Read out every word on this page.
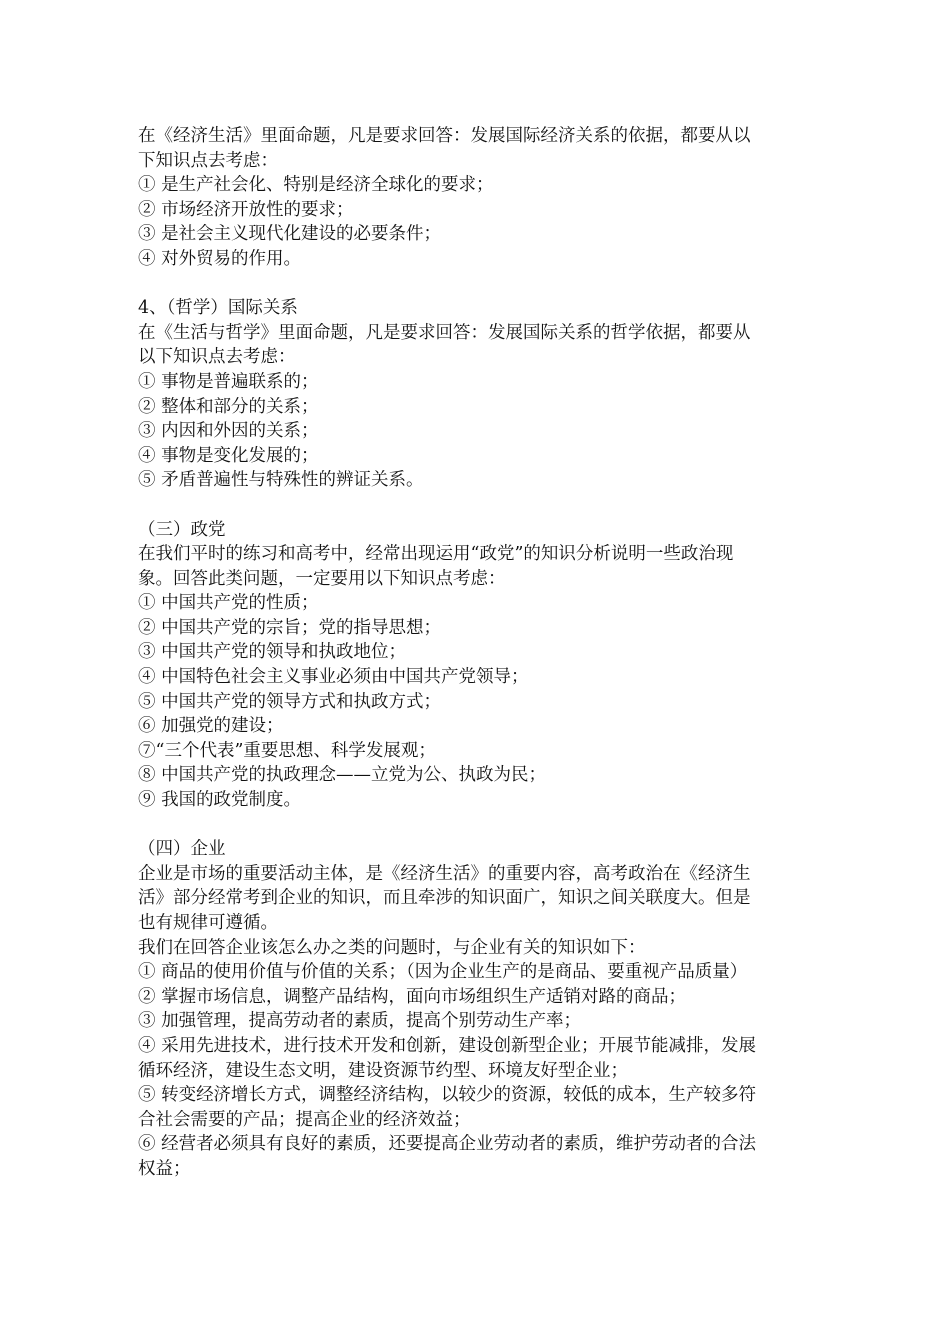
在《经济生活》里面命题，凡是要求回答：发展国际经济关系的依据，都要从以
下知识点去考虑：
① 是生产社会化、特别是经济全球化的要求；
② 市场经济开放性的要求；
③ 是社会主义现代化建设的必要条件；
④ 对外贸易的作用。
4、（哲学）国际关系
在《生活与哲学》里面命题，凡是要求回答：发展国际关系的哲学依据，都要从
以下知识点去考虑：
① 事物是普遍联系的；
② 整体和部分的关系；
③ 内因和外因的关系；
④ 事物是变化发展的；
⑤ 矛盾普遍性与特殊性的辨证关系。
（三）政党
在我们平时的练习和高考中，经常出现运用“政党”的知识分析说明一些政治现
象。回答此类问题，一定要用以下知识点考虑：
① 中国共产党的性质；
② 中国共产党的宗旨；党的指导思想；
③ 中国共产党的领导和执政地位；
④ 中国特色社会主义事业必须由中国共产党领导；
⑤ 中国共产党的领导方式和执政方式；
⑥ 加强党的建设；
⑦“三个代表”重要思想、科学发展观；
⑧ 中国共产党的执政理念——立党为公、执政为民；
⑨ 我国的政党制度。
（四）企业
企业是市场的重要活动主体，是《经济生活》的重要内容，高考政治在《经济生
活》部分经常考到企业的知识，而且牵涉的知识面广，知识之间关联度大。但是
也有规律可遵循。
我们在回答企业该怎么办之类的问题时，与企业有关的知识如下：
① 商品的使用价值与价值的关系；（因为企业生产的是商品、要重视产品质量）
② 掌握市场信息，调整产品结构，面向市场组织生产适销对路的商品；
③ 加强管理，提高劳动者的素质，提高个别劳动生产率；
④ 采用先进技术，进行技术开发和创新，建设创新型企业；开展节能减排，发展
循环经济，建设生态文明，建设资源节约型、环境友好型企业；
⑤ 转变经济增长方式，调整经济结构，以较少的资源，较低的成本，生产较多符
合社会需要的产品；提高企业的经济效益；
⑥ 经营者必须具有良好的素质，还要提高企业劳动者的素质，维护劳动者的合法
权益；
